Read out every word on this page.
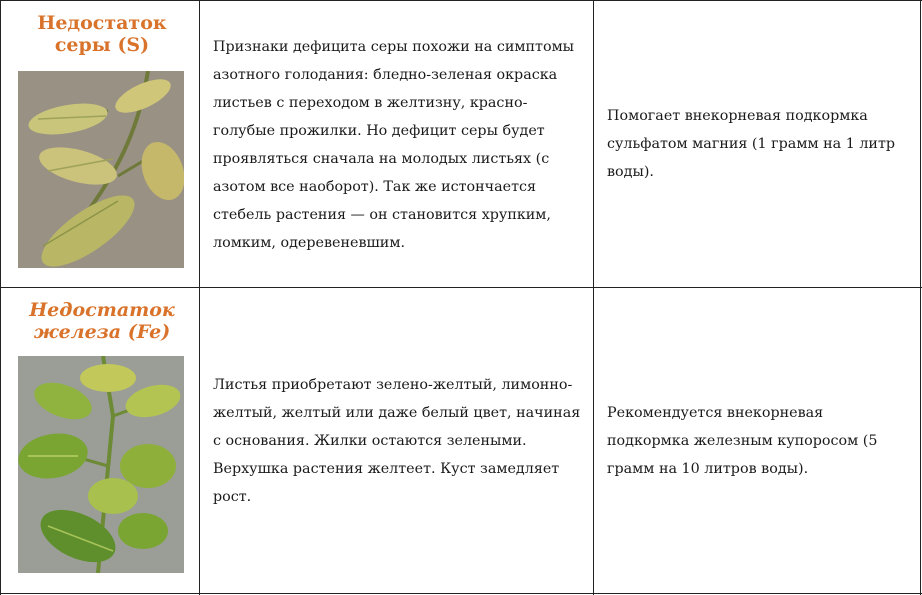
Недостаток
серы (S)	Признаки дефицита серы похожи на симптомы
азотного голодания: бледно-зеленая окраска
листьев с переходом в желтизну, красно-
голубые прожилки. Но дефицит серы будет
проявляться сначала на молодых листьях (с
азотом все наоборот). Так же истончается
стебель растения — он становится хрупким,
ломким, одеревеневшим.
Помогает внекорневая подкормка
сульфатом магния (1 грамм на 1 литр
воды).
Недостаток
железа (Fe)
Листья приобретают зелено-желтый, лимонно-
желтый, желтый или даже белый цвет, начиная
с основания. Жилки остаются зелеными.
Верхушка растения желтеет. Куст замедляет
рост.
Рекомендуется внекорневая
подкормка железным купоросом (5
грамм на 10 литров воды).
